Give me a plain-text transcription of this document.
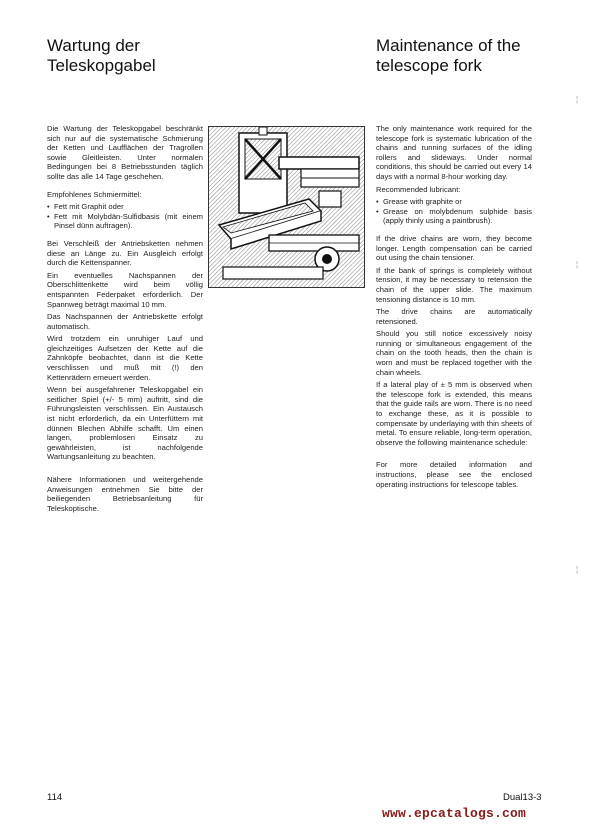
Wartung der Teleskopgabel
Maintenance of the telescope fork

Die Wartung der Teleskopgabel beschränkt sich nur auf die systematische Schmierung der Ketten und Laufflächen der Tragrollen sowie Gleitleisten. Unter normalen Bedingungen bei 8 Betriebsstunden täglich sollte das alle 14 Tage geschehen.

Empfohlenes Schmiermittel:

• Fett mit Graphit oder
• Fett mit Molybdän-Sulfidbasis (mit einem Pinsel dünn auftragen).

Bei Verschleiß der Antriebsketten nehmen diese an Länge zu. Ein Ausgleich erfolgt durch die Kettenspanner.

Ein eventuelles Nachspannen der Oberschlittenkette wird beim völlig entspannten Federpaket erforderlich. Der Spannweg beträgt maximal 10 mm.

Das Nachspannen der Antriebskette erfolgt automatisch.

Wird trotzdem ein unruhiger Lauf und gleichzeitiges Aufsetzen der Kette auf die Zahnköpfe beobachtet, dann ist die Kette verschlissen und muß mit (!) den Kettenrädern erneuert werden.

Wenn bei ausgefahrener Teleskopgabel ein seitlicher Spiel (+/- 5 mm) auftritt, sind die Führungsleisten verschlissen. Ein Austausch ist nicht erforderlich, da ein Unterfüttern mit dünnen Blechen Abhilfe schafft. Um einen langen, problemlosen Einsatz zu gewährleisten, ist nachfolgende Wartungsanleitung zu beachten.

Nähere Informationen und weitergehende Anweisungen entnehmen Sie bitte der beiliegenden Betriebsanleitung für Teleskoptische.

The only maintenance work required for the telescope fork is systematic lubrication of the chains and running surfaces of the idling rollers and slideways. Under normal conditions, this should be carried out every 14 days with a normal 8-hour working day.

Recommended lubricant:

• Grease with graphite or
• Grease on molybdenum sulphide basis (apply thinly using a paintbrush).

If the drive chains are worn, they become longer. Length compensation can be carried out using the chain tensioner.

If the bank of springs is completely without tension, it may be necessary to retension the chain of the upper slide. The maximum tensioning distance is 10 mm.

The drive chains are automatically retensioned.

Should you still notice excessively noisy running or simultaneous engagement of the chain on the tooth heads, then the chain is worn and must be replaced together with the chain wheels.

If a lateral play of ± 5 mm is observed when the telescope fork is extended, this means that the guide rails are worn. There is no need to exchange these, as it is possible to compensate by underlaying with thin sheets of metal. To ensure reliable, long-term operation, observe the following maintenance schedule:

For more detailed information and instructions, please see the enclosed operating instructions for telescope tables.

114	Dual13-3
www.epcatalogs.com
¦
¦
¦
